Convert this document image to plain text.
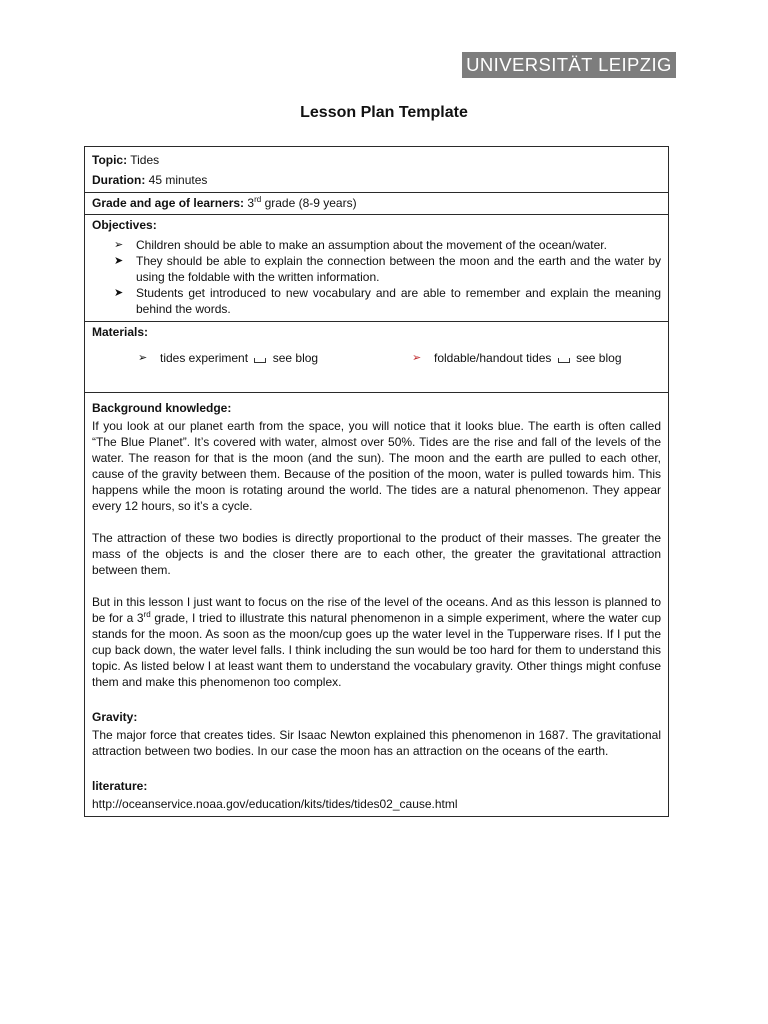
UNIVERSITÄT LEIPZIG
Lesson Plan Template
Topic: Tides
Duration: 45 minutes
Grade and age of learners: 3rd grade (8-9 years)
Objectives:
➢ Children should be able to make an assumption about the movement of the ocean/water.
➤ They should be able to explain the connection between the moon and the earth and the water by using the foldable with the written information.
➤ Students get introduced to new vocabulary and are able to remember and explain the meaning behind the words.
Materials:
➢ tides experiment see blog	➢ foldable/handout tides see blog
Background knowledge:

If you look at our planet earth from the space, you will notice that it looks blue. The earth is often called “The Blue Planet”. It’s covered with water, almost over 50%. Tides are the rise and fall of the levels of the water. The reason for that is the moon (and the sun). The moon and the earth are pulled to each other, cause of the gravity between them. Because of the position of the moon, water is pulled towards him. This happens while the moon is rotating around the world. The tides are a natural phenomenon. They appear every 12 hours, so it’s a cycle.

The attraction of these two bodies is directly proportional to the product of their masses. The greater the mass of the objects is and the closer there are to each other, the greater the gravitational attraction between them.

But in this lesson I just want to focus on the rise of the level of the oceans. And as this lesson is planned to be for a 3rd grade, I tried to illustrate this natural phenomenon in a simple experiment, where the water cup stands for the moon. As soon as the moon/cup goes up the water level in the Tupperware rises. If I put the cup back down, the water level falls. I think including the sun would be too hard for them to understand this topic. As listed below I at least want them to understand the vocabulary gravity. Other things might confuse them and make this phenomenon too complex.

Gravity:

The major force that creates tides. Sir Isaac Newton explained this phenomenon in 1687. The gravitational attraction between two bodies. In our case the moon has an attraction on the oceans of the earth.

literature:
http://oceanservice.noaa.gov/education/kits/tides/tides02_cause.html
